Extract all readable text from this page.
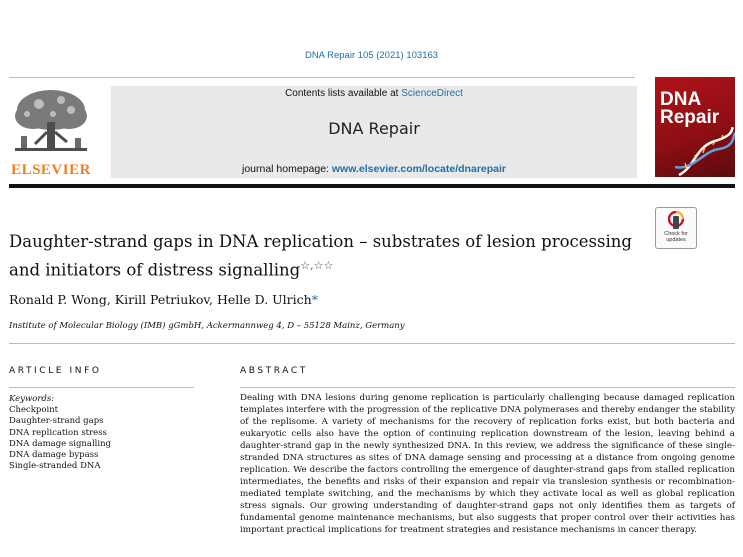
DNA Repair 105 (2021) 103163
ELSEVIER
Contents lists available at ScienceDirect
DNA Repair
journal homepage: www.elsevier.com/locate/dnarepair
DNA
Repair
Daughter-strand gaps in DNA replication – substrates of lesion processing and initiators of distress signalling☆,☆☆
Check for
updates
Ronald P. Wong, Kirill Petriukov, Helle D. Ulrich*
Institute of Molecular Biology (IMB) gGmbH, Ackermannweg 4, D – 55128 Mainz, Germany
ARTICLE INFO	ABSTRACT
Keywords:
Checkpoint
Daughter-strand gaps
DNA replication stress
DNA damage signalling
DNA damage bypass
Single-stranded DNA

Dealing with DNA lesions during genome replication is particularly challenging because damaged replication templates interfere with the progression of the replicative DNA polymerases and thereby endanger the stability of the replisome. A variety of mechanisms for the recovery of replication forks exist, but both bacteria and eukaryotic cells also have the option of continuing replication downstream of the lesion, leaving behind a daughter-strand gap in the newly synthesized DNA. In this review, we address the significance of these single-stranded DNA structures as sites of DNA damage sensing and processing at a distance from ongoing genome replication. We describe the factors controlling the emergence of daughter-strand gaps from stalled replication intermediates, the benefits and risks of their expansion and repair via translesion synthesis or recombination-mediated template switching, and the mechanisms by which they activate local as well as global replication stress signals. Our growing understanding of daughter-strand gaps not only identifies them as targets of fundamental genome maintenance mechanisms, but also suggests that proper control over their activities has important practical implications for treatment strategies and resistance mechanisms in cancer therapy.
